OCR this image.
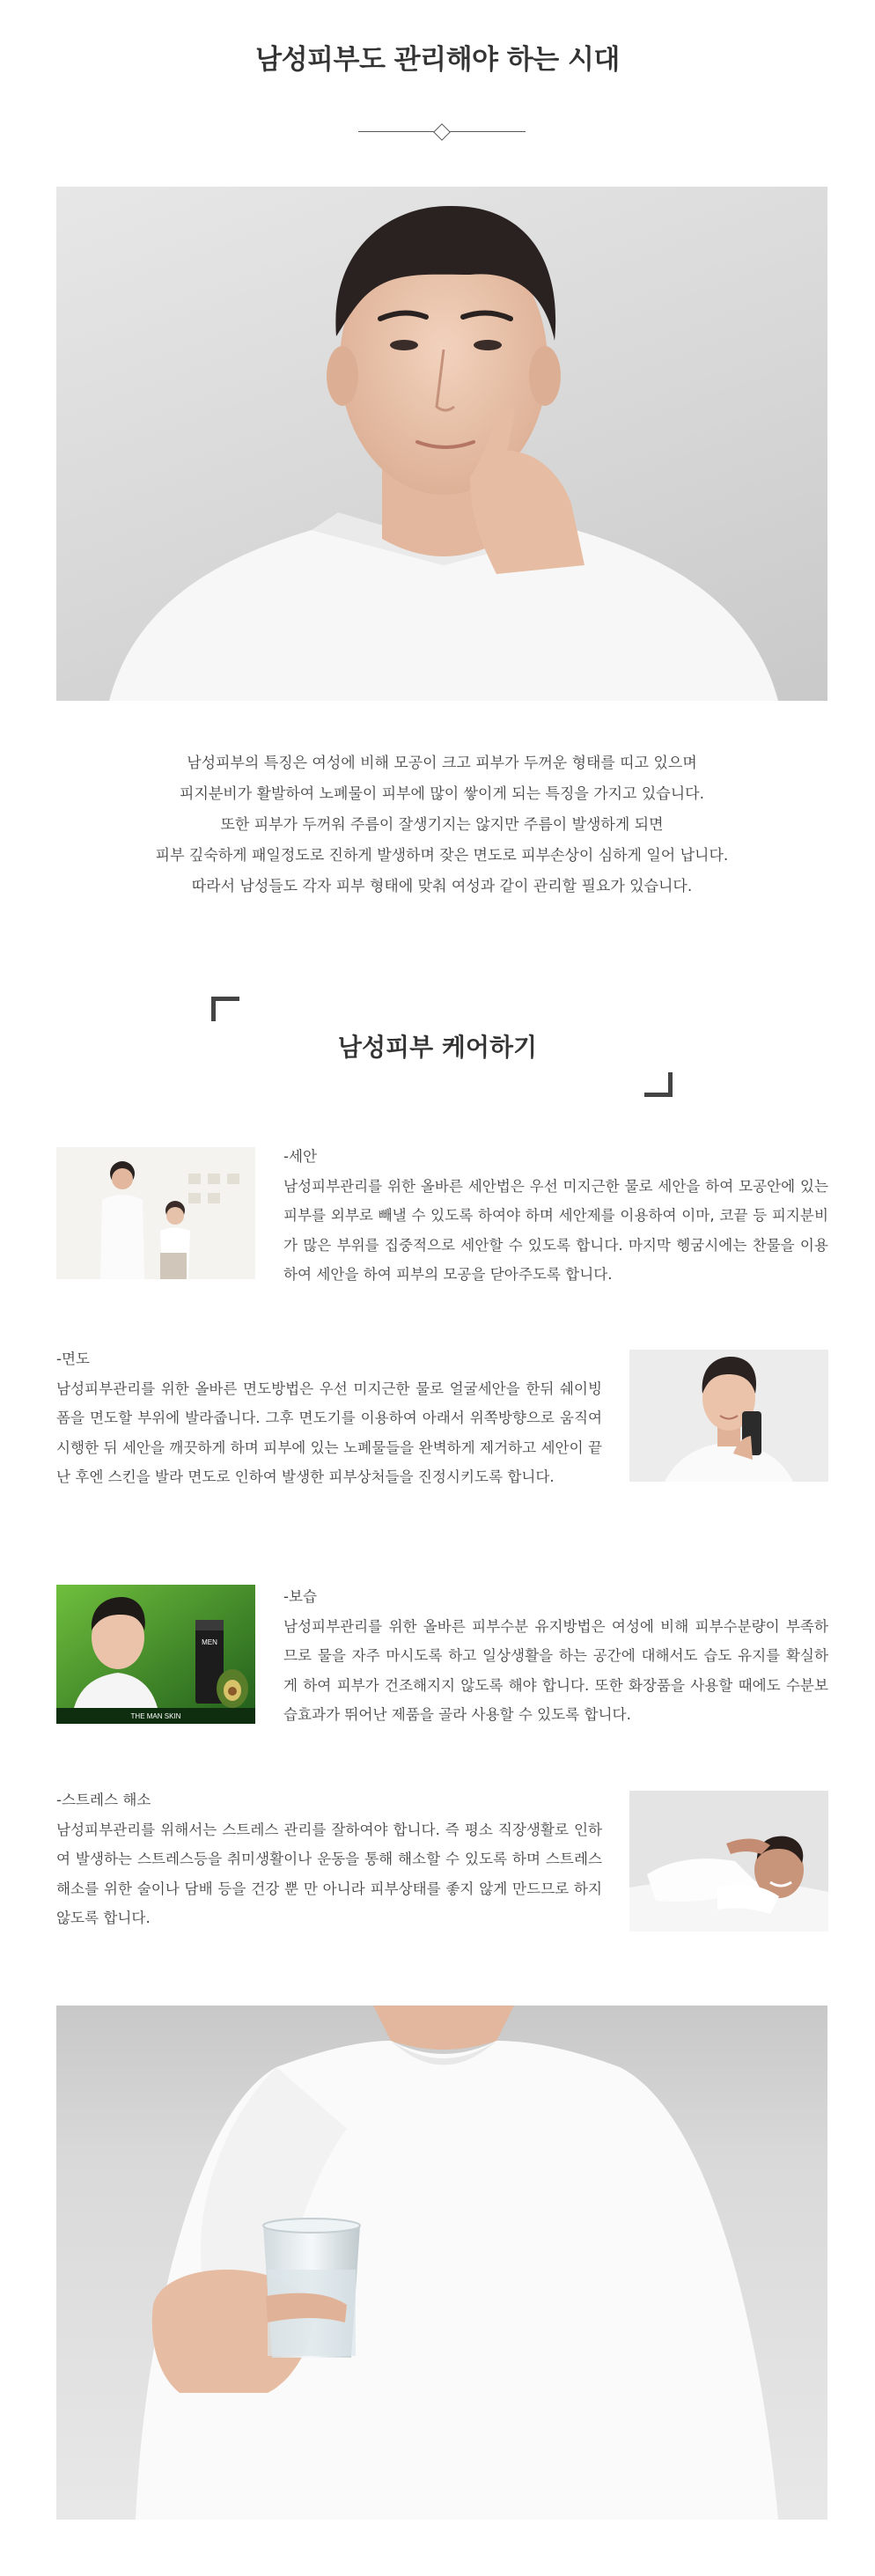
남성피부도 관리해야 하는 시대

남성피부의 특징은 여성에 비해 모공이 크고 피부가 두꺼운 형태를 띠고 있으며

피지분비가 활발하여 노폐물이 피부에 많이 쌓이게 되는 특징을 가지고 있습니다.

또한 피부가 두꺼워 주름이 잘생기지는 않지만 주름이 발생하게 되면

피부 깊숙하게 패일정도로 진하게 발생하며 잦은 면도로 피부손상이 심하게 일어 납니다.

따라서 남성들도 각자 피부 형태에 맞춰 여성과 같이 관리할 필요가 있습니다.

남성피부 케어하기
-세안
남성피부관리를 위한 올바른 세안법은 우선 미지근한 물로 세안을 하여 모공안에 있는 피부를 외부로 빼낼 수 있도록 하여야 하며 세안제를 이용하여 이마, 코끝 등 피지분비가 많은 부위를 집중적으로 세안할 수 있도록 합니다. 마지막 헹굼시에는 찬물을 이용하여 세안을 하여 피부의 모공을 닫아주도록 합니다.
-면도
남성피부관리를 위한 올바른 면도방법은 우선 미지근한 물로 얼굴세안을 한뒤 쉐이빙폼을 면도할 부위에 발라줍니다. 그후 면도기를 이용하여 아래서 위쪽방향으로 움직여 시행한 뒤 세안을 깨끗하게 하며 피부에 있는 노폐물들을 완벽하게 제거하고 세안이 끝난 후엔 스킨을 발라 면도로 인하여 발생한 피부상처들을 진정시키도록 합니다.
MEN
THE MAN SKIN
-보습
남성피부관리를 위한 올바른 피부수분 유지방법은 여성에 비해 피부수분량이 부족하므로 물을 자주 마시도록 하고 일상생활을 하는 공간에 대해서도 습도 유지를 확실하게 하여 피부가 건조해지지 않도록 해야 합니다. 또한 화장품을 사용할 때에도 수분보습효과가 뛰어난 제품을 골라 사용할 수 있도록 합니다.
-스트레스 해소
남성피부관리를 위해서는 스트레스 관리를 잘하여야 합니다. 즉 평소 직장생활로 인하여 발생하는 스트레스등을 취미생활이나 운동을 통해 해소할 수 있도록 하며 스트레스 해소를 위한 술이나 담배 등을 건강 뿐 만 아니라 피부상태를 좋지 않게 만드므로 하지 않도록 합니다.
